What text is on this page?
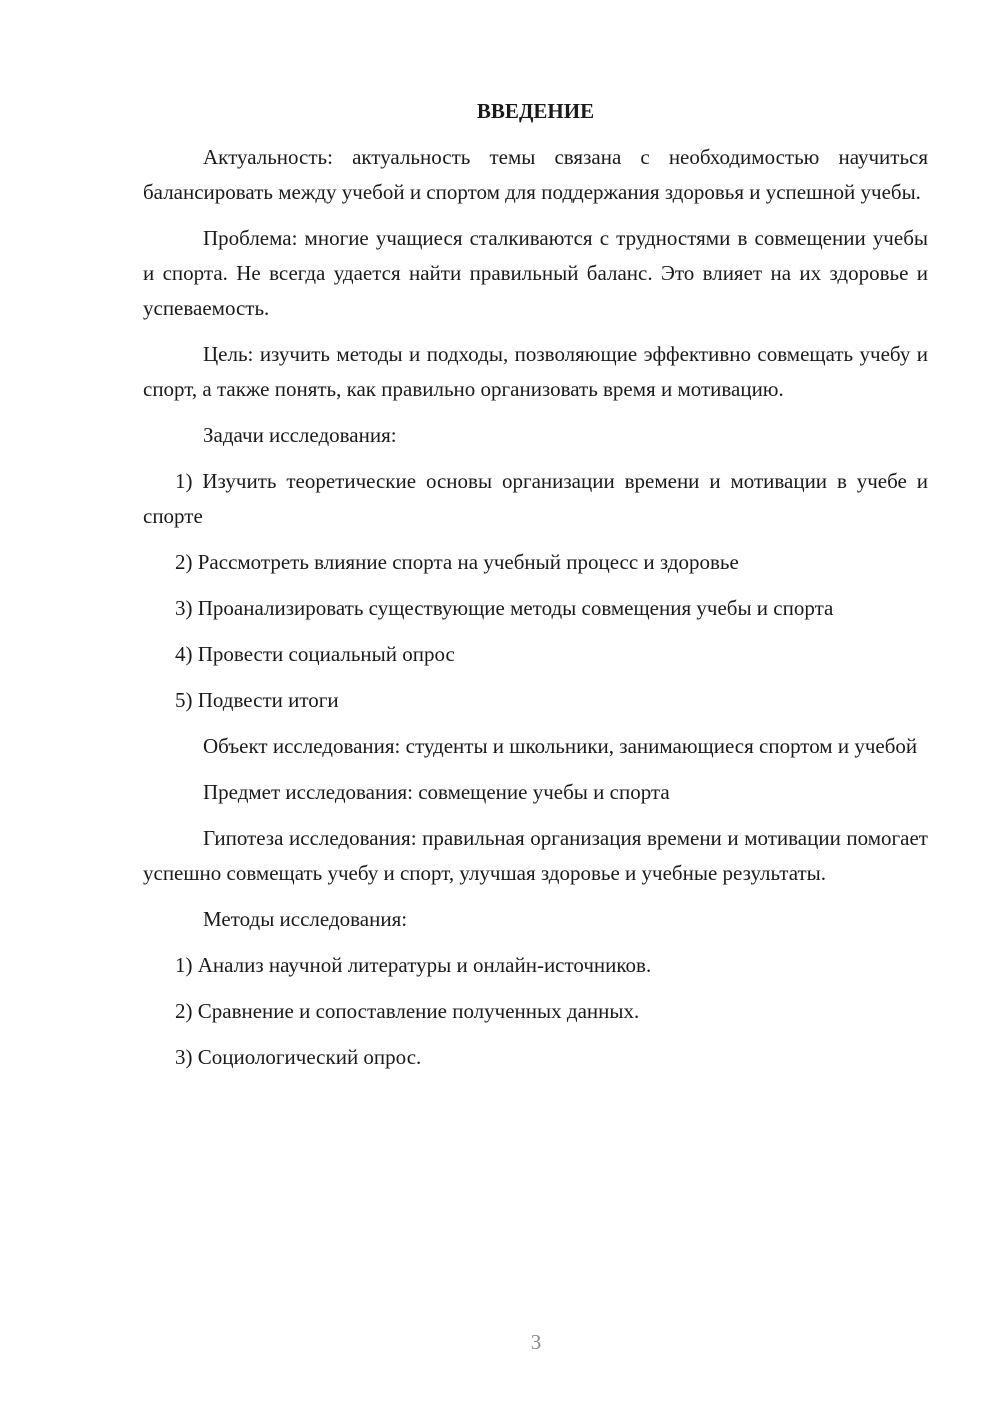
ВВЕДЕНИЕ

Актуальность: актуальность темы связана с необходимостью научиться балансировать между учебой и спортом для поддержания здоровья и успешной учебы.

Проблема: многие учащиеся сталкиваются с трудностями в совмещении учебы и спорта. Не всегда удается найти правильный баланс. Это влияет на их здоровье и успеваемость.

Цель: изучить методы и подходы, позволяющие эффективно совмещать учебу и спорт, а также понять, как правильно организовать время и мотивацию.

Задачи исследования:

1) Изучить теоретические основы организации времени и мотивации в учебе и спорте

2) Рассмотреть влияние спорта на учебный процесс и здоровье

3) Проанализировать существующие методы совмещения учебы и спорта

4) Провести социальный опрос

5) Подвести итоги

Объект исследования: студенты и школьники, занимающиеся спортом и учебой

Предмет исследования: совмещение учебы и спорта

Гипотеза исследования: правильная организация времени и мотивации помогает успешно совмещать учебу и спорт, улучшая здоровье и учебные результаты.

Методы исследования:

1) Анализ научной литературы и онлайн-источников.

2) Сравнение и сопоставление полученных данных.

3) Социологический опрос.

3
